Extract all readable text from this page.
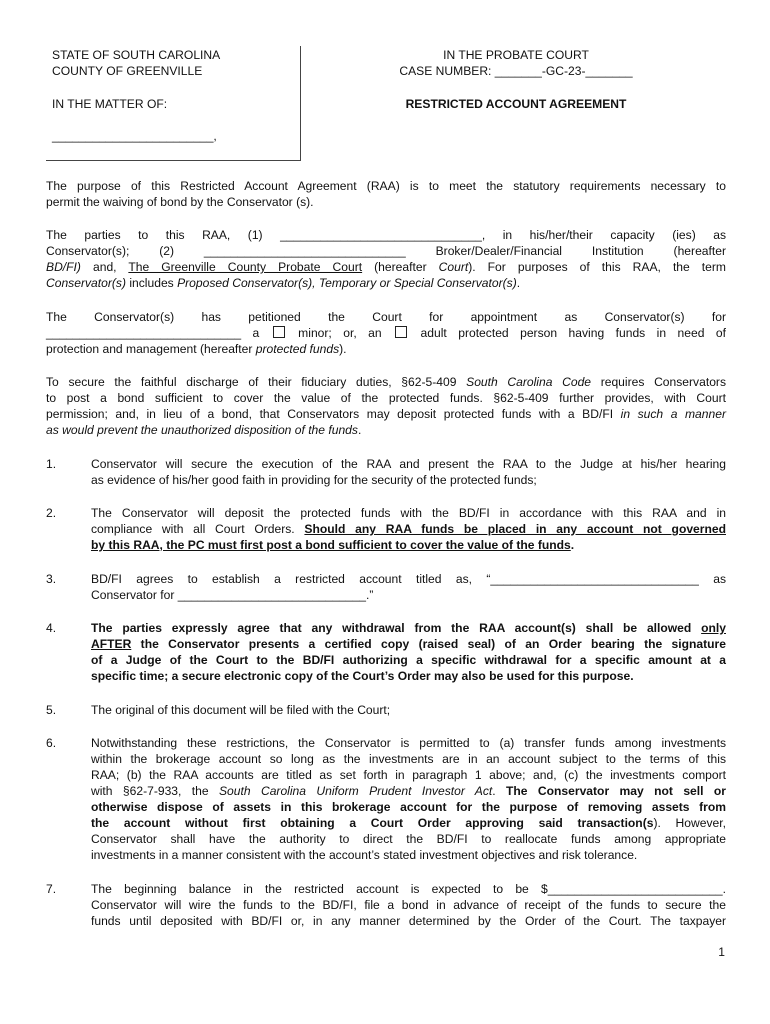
STATE OF SOUTH CAROLINA
COUNTY OF GREENVILLE
IN THE MATTER OF:
________________________,
IN THE PROBATE COURT
CASE NUMBER: _______-GC-23-_______
RESTRICTED ACCOUNT AGREEMENT
The purpose of this Restricted Account Agreement (RAA) is to meet the statutory requirements necessary to
permit the waiving of bond by the Conservator (s).
The parties to this RAA, (1) ______________________________, in his/her/their capacity (ies) as
Conservator(s); (2) ______________________________ Broker/Dealer/Financial Institution (hereafter
BD/FI) and, The Greenville County Probate Court (hereafter Court). For purposes of this RAA, the term
Conservator(s) includes Proposed Conservator(s), Temporary or Special Conservator(s).
The     Conservator(s)     has     petitioned     the     Court     for     appointment     as     Conservator(s)     for
_____________________________ a  minor; or, an  adult protected person having funds in need of
protection and management (hereafter protected funds).
To secure the faithful discharge of their fiduciary duties, §62-5-409 South Carolina Code requires Conservators
to post a bond sufficient to cover the value of the protected funds. §62-5-409 further provides, with Court
permission; and, in lieu of a bond, that Conservators may deposit protected funds with a BD/FI in such a manner
as would prevent the unauthorized disposition of the funds.
1.	Conservator will secure the execution of the RAA and present the RAA to the Judge at his/her hearing
as evidence of his/her good faith in providing for the security of the protected funds;
2.	The Conservator will deposit the protected funds with the BD/FI in accordance with this RAA and in
compliance with all Court Orders. Should any RAA funds be placed in any account not governed
by this RAA, the PC must first post a bond sufficient to cover the value of the funds.
3.	BD/FI agrees to establish a restricted account titled as, “_______________________________ as
Conservator for ____________________________.”
4.	The parties expressly agree that any withdrawal from the RAA account(s) shall be allowed only
AFTER the Conservator presents a certified copy (raised seal) of an Order bearing the signature
of a Judge of the Court to the BD/FI authorizing a specific withdrawal for a specific amount at a
specific time; a secure electronic copy of the Court’s Order may also be used for this purpose.
5.	The original of this document will be filed with the Court;
6.	Notwithstanding these restrictions, the Conservator is permitted to (a) transfer funds among investments
within the brokerage account so long as the investments are in an account subject to the terms of this
RAA; (b) the RAA accounts are titled as set forth in paragraph 1 above; and, (c) the investments comport
with §62-7-933, the South Carolina Uniform Prudent Investor Act. The Conservator may not sell or
otherwise dispose of assets in this brokerage account for the purpose of removing assets from
the account without first obtaining a Court Order approving said transaction(s). However,
Conservator shall have the authority to direct the BD/FI to reallocate funds among appropriate
investments in a manner consistent with the account’s stated investment objectives and risk tolerance.
7.	The beginning balance in the restricted account is expected to be $__________________________.
Conservator will wire the funds to the BD/FI, file a bond in advance of receipt of the funds to secure the
funds until deposited with BD/FI or, in any manner determined by the Order of the Court. The taxpayer
1
